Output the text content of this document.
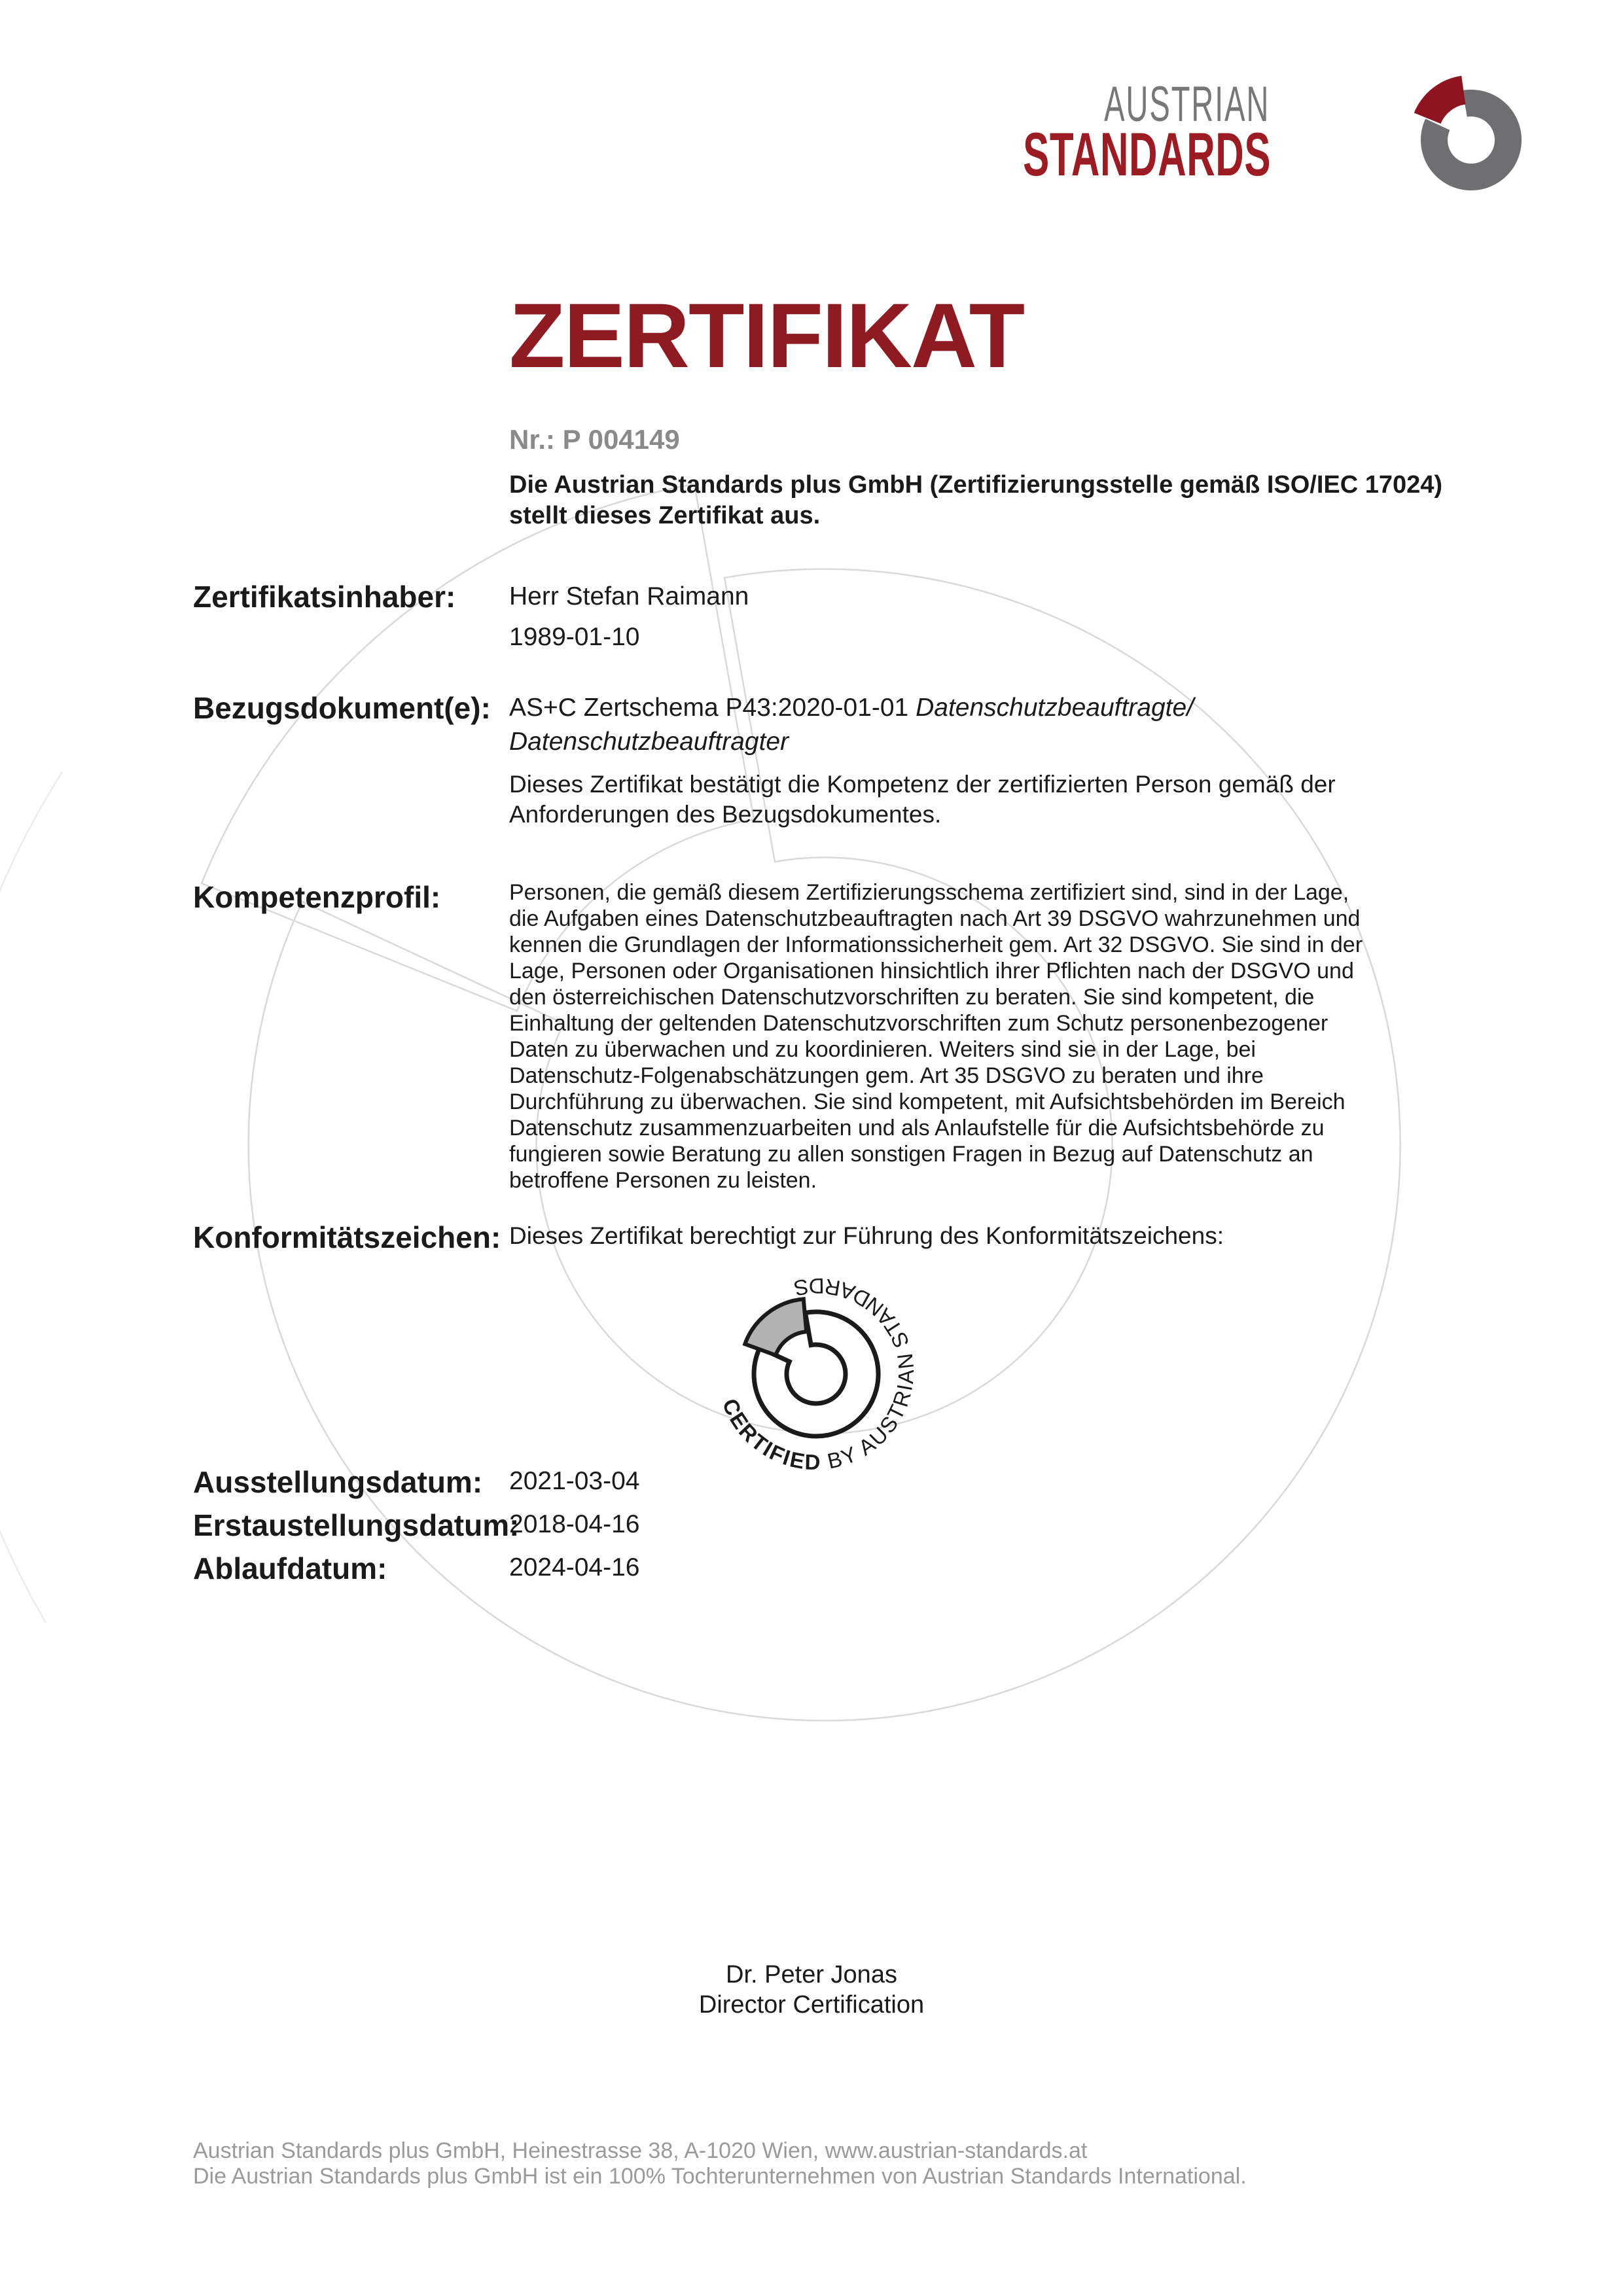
AUSTRIAN
STANDARDS
ZERTIFIKAT
Nr.: P 004149
Die Austrian Standards plus GmbH (Zertifizierungsstelle gemäß ISO/IEC 17024)
stellt dieses Zertifikat aus.
Zertifikatsinhaber: Herr Stefan Raimann
1989-01-10
Bezugsdokument(e): AS+C Zertschema P43:2020-01-01 Datenschutzbeauftragte/
Datenschutzbeauftragter
Dieses Zertifikat bestätigt die Kompetenz der zertifizierten Person gemäß der
Anforderungen des Bezugsdokumentes.
Kompetenzprofil:	Personen, die gemäß diesem Zertifizierungsschema zertifiziert sind, sind in der Lage, die Aufgaben eines Datenschutzbeauftragten nach Art 39 DSGVO wahrzunehmen und kennen die Grundlagen der Informationssicherheit gem. Art 32 DSGVO. Sie sind in der Lage, Personen oder Organisationen hinsichtlich ihrer Pflichten nach der DSGVO und den österreichischen Datenschutzvorschriften zu beraten. Sie sind kompetent, die Einhaltung der geltenden Datenschutzvorschriften zum Schutz personenbezogener Daten zu überwachen und zu koordinieren. Weiters sind sie in der Lage, bei Datenschutz-Folgenabschätzungen gem. Art 35 DSGVO zu beraten und ihre Durchführung zu überwachen. Sie sind kompetent, mit Aufsichtsbehörden im Bereich Datenschutz zusammenzuarbeiten und als Anlaufstelle für die Aufsichtsbehörde zu fungieren sowie Beratung zu allen sonstigen Fragen in Bezug auf Datenschutz an betroffene Personen zu leisten.
Konformitätszeichen: Dieses Zertifikat berechtigt zur Führung des Konformitätszeichens:
CERTIFIED BY AUSTRIAN STANDARDS
Ausstellungsdatum: 2021-03-04
Erstaustellungsdatum:
2018-04-16
Ablaufdatum:	2024-04-16
Dr. Peter Jonas
Director Certification
Austrian Standards plus GmbH, Heinestrasse 38, A-1020 Wien, www.austrian-standards.at
Die Austrian Standards plus GmbH ist ein 100% Tochterunternehmen von Austrian Standards International.
